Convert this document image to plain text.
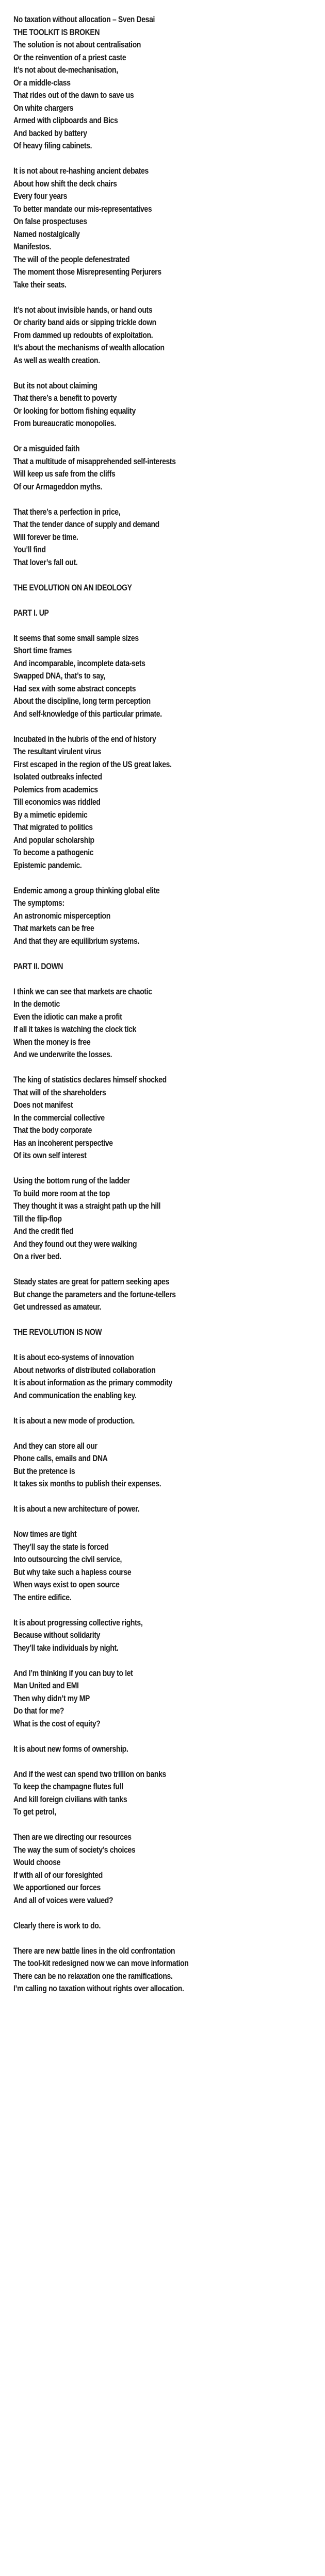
No taxation without allocation – Sven Desai
THE TOOLKIT IS BROKEN
The solution is not about centralisation
Or the reinvention of a priest caste
It’s not about de-mechanisation,
Or a middle-class
That rides out of the dawn to save us
On white chargers
Armed with clipboards and Bics
And backed by battery
Of heavy filing cabinets.
It is not about re-hashing ancient debates
About how shift the deck chairs
Every four years
To better mandate our mis-representatives
On false prospectuses
Named nostalgically
Manifestos.
The will of the people defenestrated
The moment those Misrepresenting Perjurers
Take their seats.
It’s not about invisible hands, or hand outs
Or charity band aids or sipping trickle down
From dammed up redoubts of exploitation.
It’s about the mechanisms of wealth allocation
As well as wealth creation.
But its not about claiming
That there’s a benefit to poverty
Or looking for bottom fishing equality
From bureaucratic monopolies.
Or a misguided faith
That a multitude of misapprehended self-interests
Will keep us safe from the cliffs
Of our Armageddon myths.
That there’s a perfection in price,
That the tender dance of supply and demand
Will forever be time.
You’ll find
That lover’s fall out.
THE EVOLUTION ON AN IDEOLOGY
PART I. UP
It seems that some small sample sizes
Short time frames
And incomparable, incomplete data-sets
Swapped DNA, that’s to say,
Had sex with some abstract concepts
About the discipline, long term perception
And self-knowledge of this particular primate.
Incubated in the hubris of the end of history
The resultant virulent virus
First escaped in the region of the US great lakes.
Isolated outbreaks infected
Polemics from academics
Till economics was riddled
By a mimetic epidemic
That migrated to politics
And popular scholarship
To become a pathogenic
Epistemic pandemic.
Endemic among a group thinking global elite
The symptoms:
An astronomic misperception
That markets can be free
And that they are equilibrium systems.
PART II. DOWN
I think we can see that markets are chaotic
In the demotic
Even the idiotic can make a profit
If all it takes is watching the clock tick
When the money is free
And we underwrite the losses.
The king of statistics declares himself shocked
That will of the shareholders
Does not manifest
In the commercial collective
That the body corporate
Has an incoherent perspective
Of its own self interest
Using the bottom rung of the ladder
To build more room at the top
They thought it was a straight path up the hill
Till the flip-flop
And the credit fled
And they found out they were walking
On a river bed.
Steady states are great for pattern seeking apes
But change the parameters and the fortune-tellers
Get undressed as amateur.
THE REVOLUTION IS NOW
It is about eco-systems of innovation
About networks of distributed collaboration
It is about information as the primary commodity
And communication the enabling key.
It is about a new mode of production.
And they can store all our
Phone calls, emails and DNA
But the pretence is
It takes six months to publish their expenses.
It is about a new architecture of power.
Now times are tight
They’ll say the state is forced
Into outsourcing the civil service,
But why take such a hapless course
When ways exist to open source
The entire edifice.
It is about progressing collective rights,
Because without solidarity
They’ll take individuals by night.
And I’m thinking if you can buy to let
Man United and EMI
Then why didn’t my MP
Do that for me?
What is the cost of equity?
It is about new forms of ownership.
And if the west can spend two trillion on banks
To keep the champagne flutes full
And kill foreign civilians with tanks
To get petrol,
Then are we directing our resources
The way the sum of society’s choices
Would choose
If with all of our foresighted
We apportioned our forces
And all of voices were valued?
Clearly there is work to do.
There are new battle lines in the old confrontation
The tool-kit redesigned now we can move information
There can be no relaxation one the ramifications.
I’m calling no taxation without rights over allocation.
